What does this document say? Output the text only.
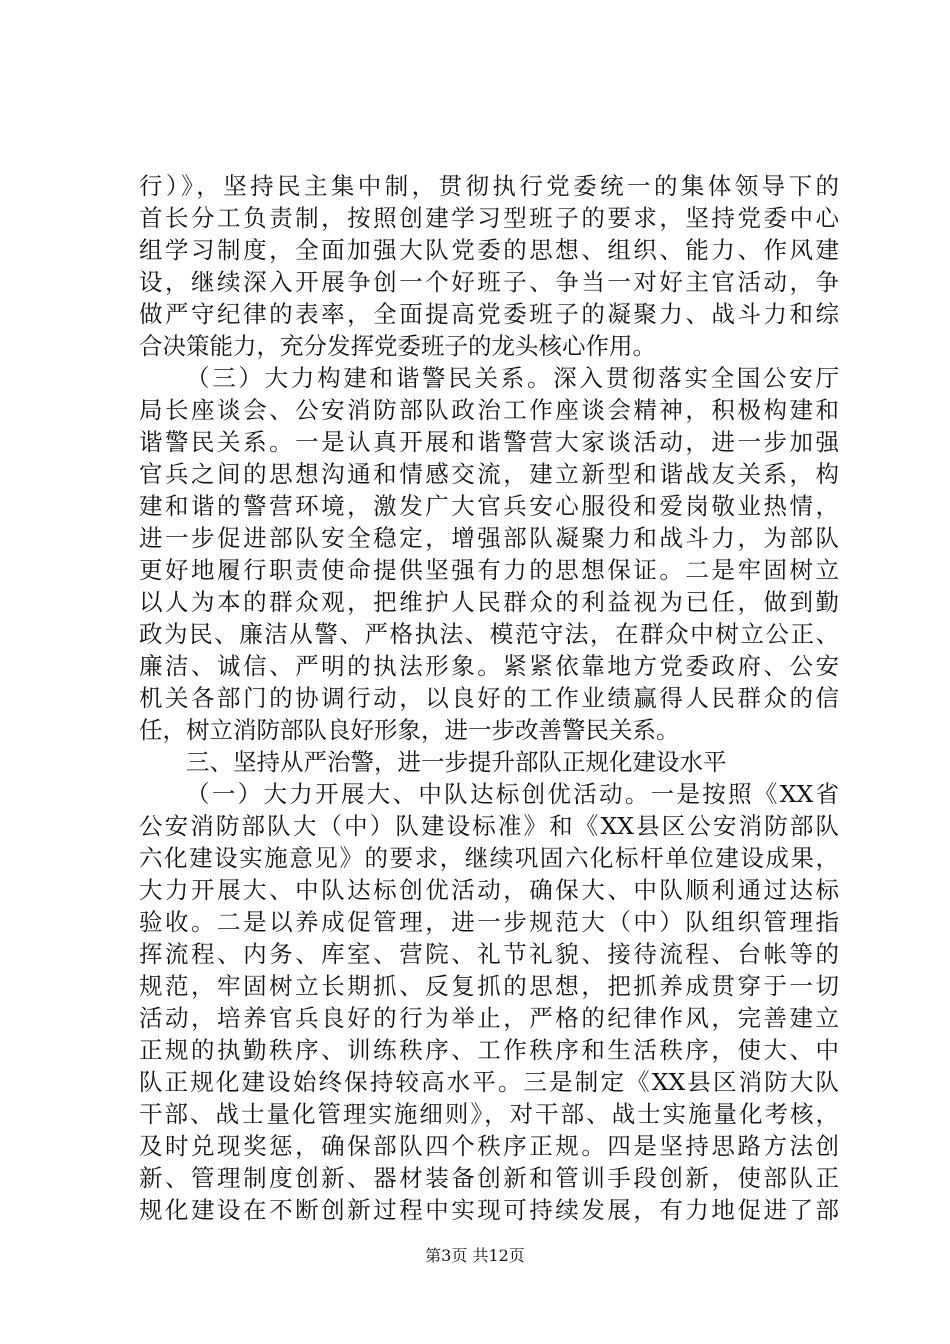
行）》，坚持民主集中制，贯彻执行党委统一的集体领导下的
首长分工负责制，按照创建学习型班子的要求，坚持党委中心
组学习制度，全面加强大队党委的思想、组织、能力、作风建
设，继续深入开展争创一个好班子、争当一对好主官活动，争
做严守纪律的表率，全面提高党委班子的凝聚力、战斗力和综
合决策能力，充分发挥党委班子的龙头核心作用。
（三）大力构建和谐警民关系。深入贯彻落实全国公安厅
局长座谈会、公安消防部队政治工作座谈会精神，积极构建和
谐警民关系。一是认真开展和谐警营大家谈活动，进一步加强
官兵之间的思想沟通和情感交流，建立新型和谐战友关系，构
建和谐的警营环境，激发广大官兵安心服役和爱岗敬业热情，
进一步促进部队安全稳定，增强部队凝聚力和战斗力，为部队
更好地履行职责使命提供坚强有力的思想保证。二是牢固树立
以人为本的群众观，把维护人民群众的利益视为已任，做到勤
政为民、廉洁从警、严格执法、模范守法，在群众中树立公正、
廉洁、诚信、严明的执法形象。紧紧依靠地方党委政府、公安
机关各部门的协调行动，以良好的工作业绩赢得人民群众的信
任，树立消防部队良好形象，进一步改善警民关系。
三、坚持从严治警，进一步提升部队正规化建设水平
（一）大力开展大、中队达标创优活动。一是按照《XX省
公安消防部队大（中）队建设标准》和《XX县区公安消防部队
六化建设实施意见》的要求，继续巩固六化标杆单位建设成果，
大力开展大、中队达标创优活动，确保大、中队顺利通过达标
验收。二是以养成促管理，进一步规范大（中）队组织管理指
挥流程、内务、库室、营院、礼节礼貌、接待流程、台帐等的
规范，牢固树立长期抓、反复抓的思想，把抓养成贯穿于一切
活动，培养官兵良好的行为举止，严格的纪律作风，完善建立
正规的执勤秩序、训练秩序、工作秩序和生活秩序，使大、中
队正规化建设始终保持较高水平。三是制定《XX县区消防大队
干部、战士量化管理实施细则》，对干部、战士实施量化考核，
及时兑现奖惩，确保部队四个秩序正规。四是坚持思路方法创
新、管理制度创新、器材装备创新和管训手段创新，使部队正
规化建设在不断创新过程中实现可持续发展，有力地促进了部
第3页 共12页
